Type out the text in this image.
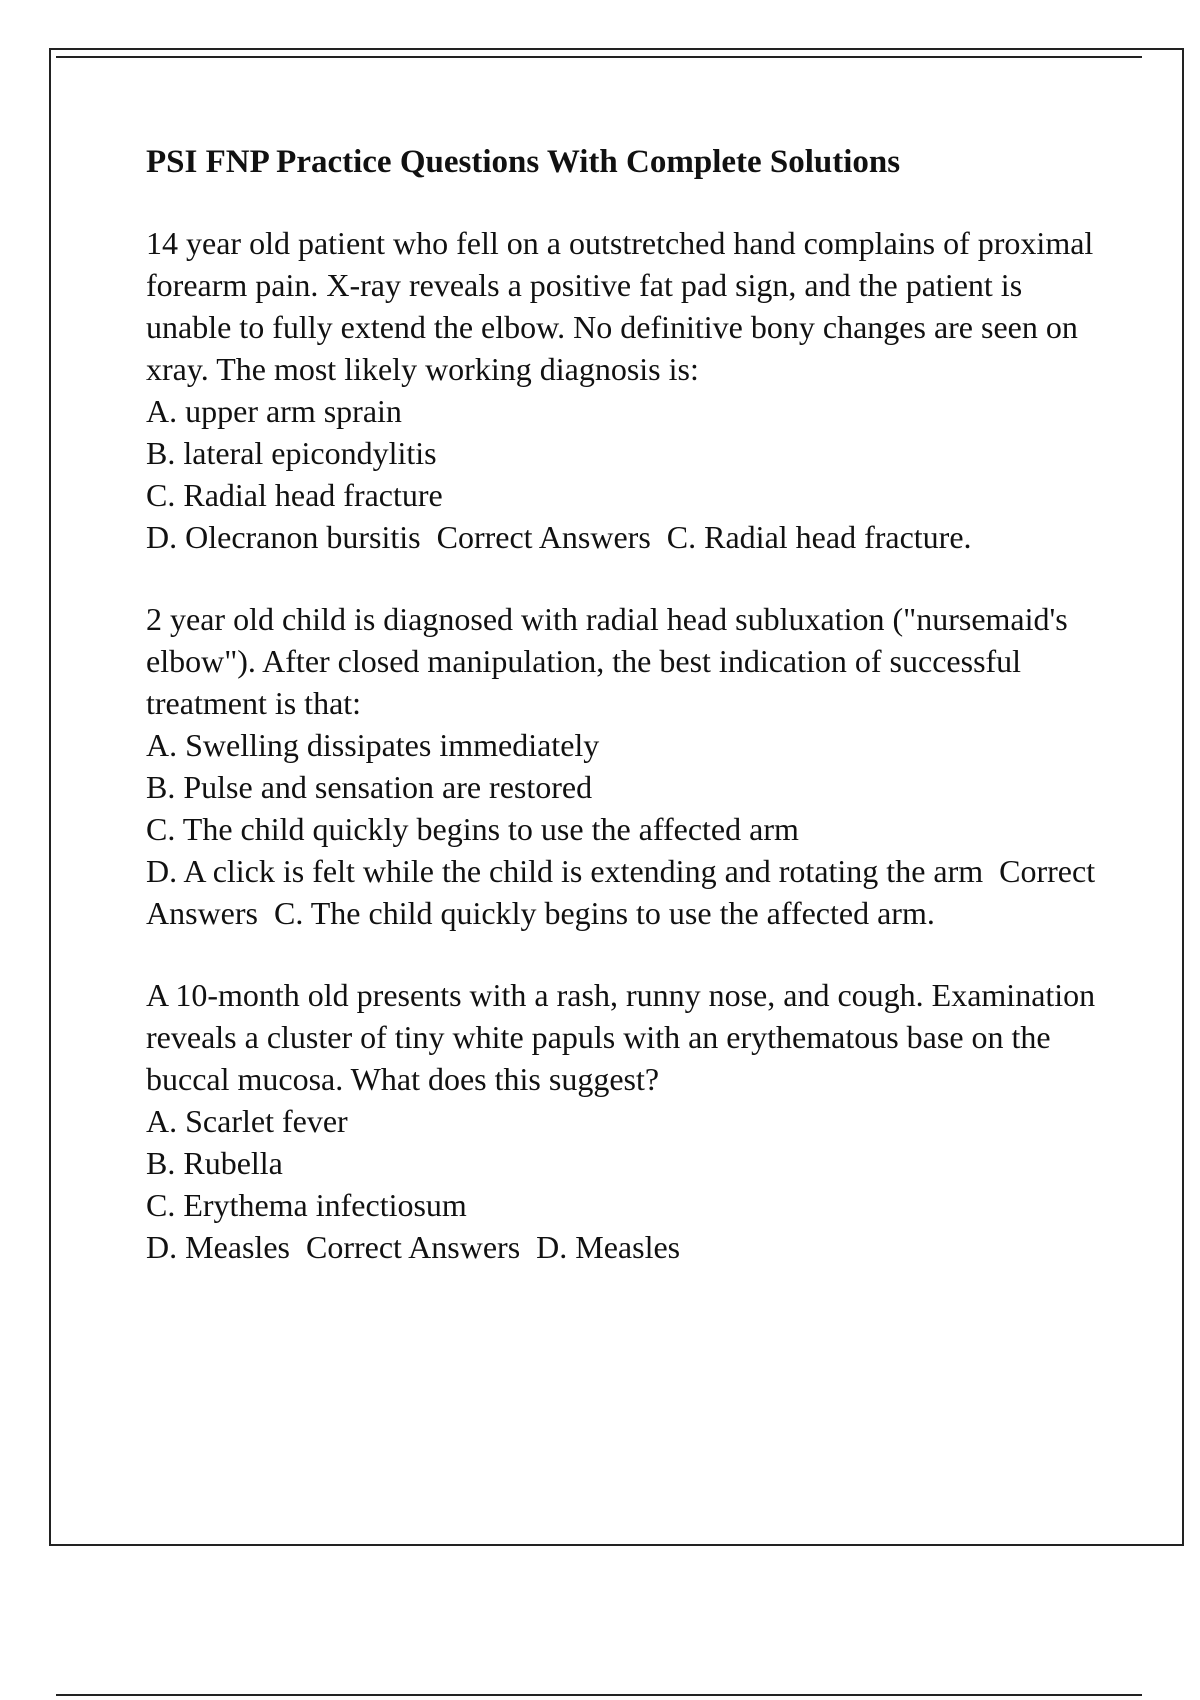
PSI FNP Practice Questions With Complete Solutions

14 year old patient who fell on a outstretched hand complains of proximal forearm pain. X-ray reveals a positive fat pad sign, and the patient is unable to fully extend the elbow. No definitive bony changes are seen on xray. The most likely working diagnosis is:

A. upper arm sprain

B. lateral epicondylitis

C. Radial head fracture

D. Olecranon bursitis Correct Answers C. Radial head fracture.

2 year old child is diagnosed with radial head subluxation ("nursemaid's elbow"). After closed manipulation, the best indication of successful treatment is that:

A. Swelling dissipates immediately

B. Pulse and sensation are restored

C. The child quickly begins to use the affected arm

D. A click is felt while the child is extending and rotating the arm Correct Answers C. The child quickly begins to use the affected arm.

A 10-month old presents with a rash, runny nose, and cough. Examination reveals a cluster of tiny white papuls with an erythematous base on the buccal mucosa. What does this suggest?

A. Scarlet fever

B. Rubella

C. Erythema infectiosum

D. Measles Correct Answers D. Measles
